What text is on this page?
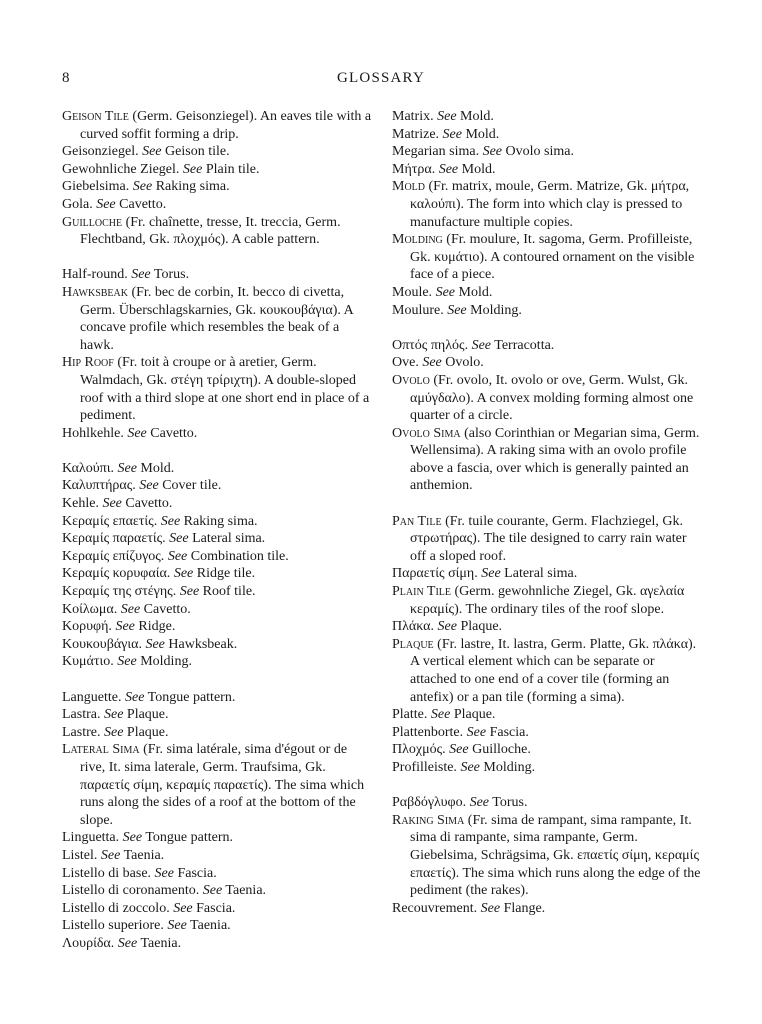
8	GLOSSARY

Geison Tile (Germ. Geisonziegel). An eaves tile with a curved soffit forming a drip.

Geisonziegel. See Geison tile.

Gewohnliche Ziegel. See Plain tile.

Giebelsima. See Raking sima.

Gola. See Cavetto.

Guilloche (Fr. chaînette, tresse, It. treccia, Germ. Flechtband, Gk. πλοχμός). A cable pattern.

Half-round. See Torus.

Hawksbeak (Fr. bec de corbin, It. becco di civetta, Germ. Überschlagskarnies, Gk. κουκουβάγια). A concave profile which resembles the beak of a hawk.

Hip Roof (Fr. toit à croupe or à aretier, Germ. Walmdach, Gk. στέγη τρίριχτη). A double-sloped roof with a third slope at one short end in place of a pediment.

Hohlkehle. See Cavetto.

Καλούπι. See Mold.

Καλυπτήρας. See Cover tile.

Kehle. See Cavetto.

Κεραμίς επαετίς. See Raking sima.

Κεραμίς παραετίς. See Lateral sima.

Κεραμίς επίζυγος. See Combination tile.

Κεραμίς κορυφαία. See Ridge tile.

Κεραμίς της στέγης. See Roof tile.

Κοίλωμα. See Cavetto.

Κορυφή. See Ridge.

Κουκουβάγια. See Hawksbeak.

Κυμάτιο. See Molding.

Languette. See Tongue pattern.

Lastra. See Plaque.

Lastre. See Plaque.

Lateral Sima (Fr. sima latérale, sima d'égout or de rive, It. sima laterale, Germ. Traufsima, Gk. παραετίς σίμη, κεραμίς παραετίς). The sima which runs along the sides of a roof at the bottom of the slope.

Linguetta. See Tongue pattern.

Listel. See Taenia.

Listello di base. See Fascia.

Listello di coronamento. See Taenia.

Listello di zoccolo. See Fascia.

Listello superiore. See Taenia.

Λουρίδα. See Taenia.

Matrix. See Mold.

Matrize. See Mold.

Megarian sima. See Ovolo sima.

Μήτρα. See Mold.

Mold (Fr. matrix, moule, Germ. Matrize, Gk. μήτρα, καλούπι). The form into which clay is pressed to manufacture multiple copies.

Molding (Fr. moulure, It. sagoma, Germ. Profilleiste, Gk. κυμάτιο). A contoured ornament on the visible face of a piece.

Moule. See Mold.

Moulure. See Molding.

Οπτός πηλός. See Terracotta.

Ove. See Ovolo.

Ovolo (Fr. ovolo, It. ovolo or ove, Germ. Wulst, Gk. αμύγδαλο). A convex molding forming almost one quarter of a circle.

Ovolo Sima (also Corinthian or Megarian sima, Germ. Wellensima). A raking sima with an ovolo profile above a fascia, over which is generally painted an anthemion.

Pan Tile (Fr. tuile courante, Germ. Flachziegel, Gk. στρωτήρας). The tile designed to carry rain water off a sloped roof.

Παραετίς σίμη. See Lateral sima.

Plain Tile (Germ. gewohnliche Ziegel, Gk. αγελαία κεραμίς). The ordinary tiles of the roof slope.

Πλάκα. See Plaque.

Plaque (Fr. lastre, It. lastra, Germ. Platte, Gk. πλάκα). A vertical element which can be separate or attached to one end of a cover tile (forming an antefix) or a pan tile (forming a sima).

Platte. See Plaque.

Plattenborte. See Fascia.

Πλοχμός. See Guilloche.

Profilleiste. See Molding.

Ραβδόγλυφο. See Torus.

Raking Sima (Fr. sima de rampant, sima rampante, It. sima di rampante, sima rampante, Germ. Giebelsima, Schrägsima, Gk. επαετίς σίμη, κεραμίς επαετίς). The sima which runs along the edge of the pediment (the rakes).

Recouvrement. See Flange.
